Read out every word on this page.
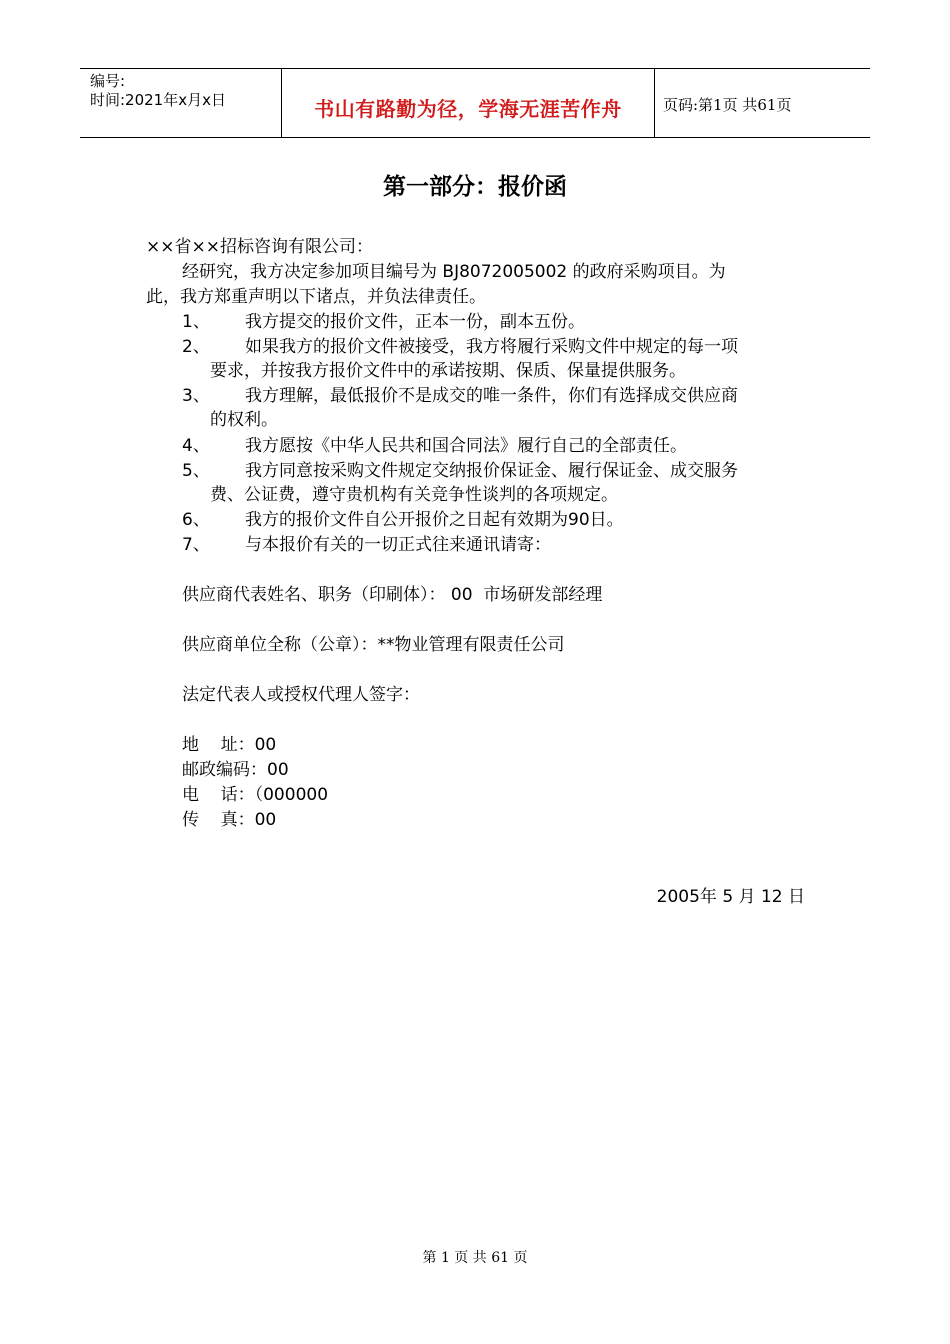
编号:
时间:2021年x月x日	书山有路勤为径，学海无涯苦作舟	页码:第1页 共61页
第一部分：报价函
××省××招标咨询有限公司：
经研究，我方决定参加项目编号为 BJ8072005002 的政府采购项目。为
此，我方郑重声明以下诸点，并负法律责任。
1、 我方提交的报价文件，正本一份，副本五份。
2、 如果我方的报价文件被接受，我方将履行采购文件中规定的每一项
要求，并按我方报价文件中的承诺按期、保质、保量提供服务。
3、 我方理解，最低报价不是成交的唯一条件，你们有选择成交供应商
的权利。
4、 我方愿按《中华人民共和国合同法》履行自己的全部责任。
5、 我方同意按采购文件规定交纳报价保证金、履行保证金、成交服务
费、公证费，遵守贵机构有关竞争性谈判的各项规定。
6、 我方的报价文件自公开报价之日起有效期为90日。
7、 与本报价有关的一切正式往来通讯请寄：
供应商代表姓名、职务（印刷体）： 00  市场研发部经理
供应商单位全称（公章）：**物业管理有限责任公司
法定代表人或授权代理人签字：
地    址：00
邮政编码：00
电    话：（000000
传    真：00
2005年 5 月 12 日
第 1 页 共 61 页
